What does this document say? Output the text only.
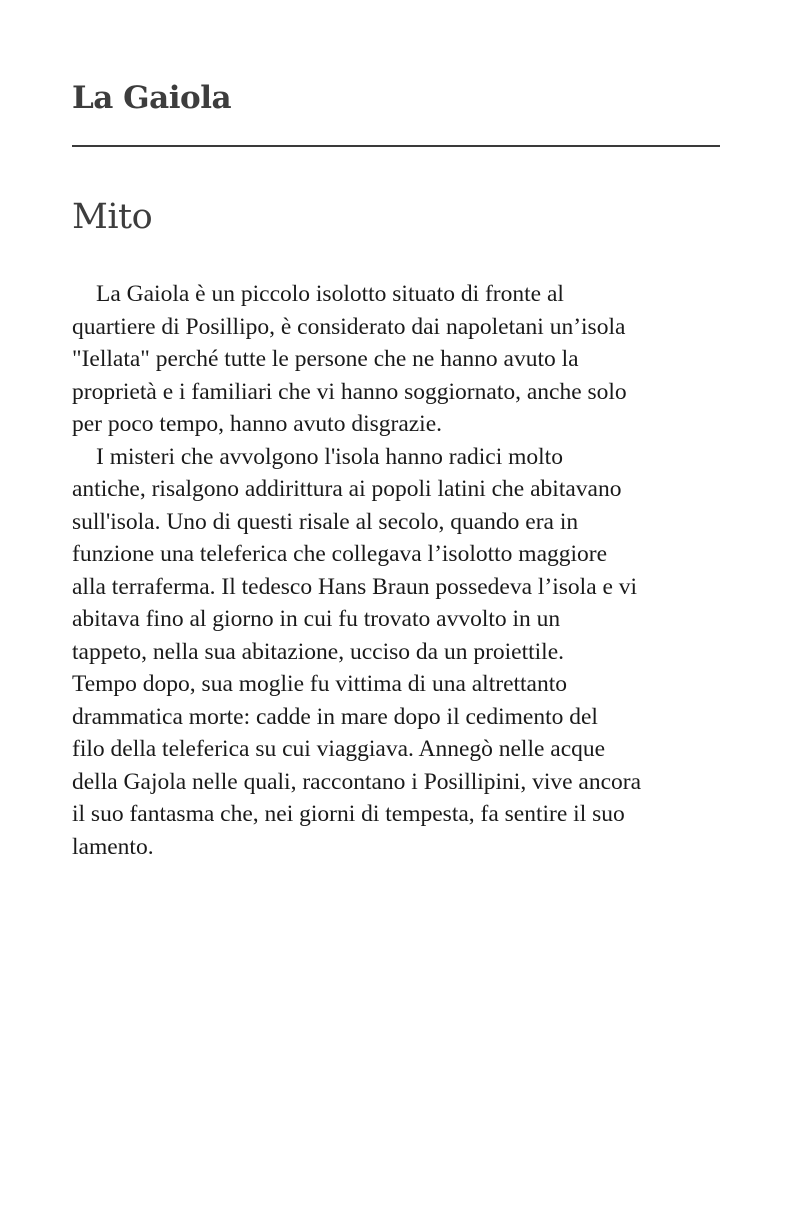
La Gaiola
Mito
La Gaiola è un piccolo isolotto situato di fronte al
quartiere di Posillipo, è considerato dai napoletani un’isola
"Iellata" perché tutte le persone che ne hanno avuto la
proprietà e i familiari che vi hanno soggiornato, anche solo
per poco tempo, hanno avuto disgrazie.
I misteri che avvolgono l'isola hanno radici molto
antiche, risalgono addirittura ai popoli latini che abitavano
sull'isola. Uno di questi risale al secolo, quando era in
funzione una teleferica che collegava l’isolotto maggiore
alla terraferma. Il tedesco Hans Braun possedeva l’isola e vi
abitava fino al giorno in cui fu trovato avvolto in un
tappeto, nella sua abitazione, ucciso da un proiettile.
Tempo dopo, sua moglie fu vittima di una altrettanto
drammatica morte: cadde in mare dopo il cedimento del
filo della teleferica su cui viaggiava. Annegò nelle acque
della Gajola nelle quali, raccontano i Posillipini, vive ancora
il suo fantasma che, nei giorni di tempesta, fa sentire il suo
lamento.
